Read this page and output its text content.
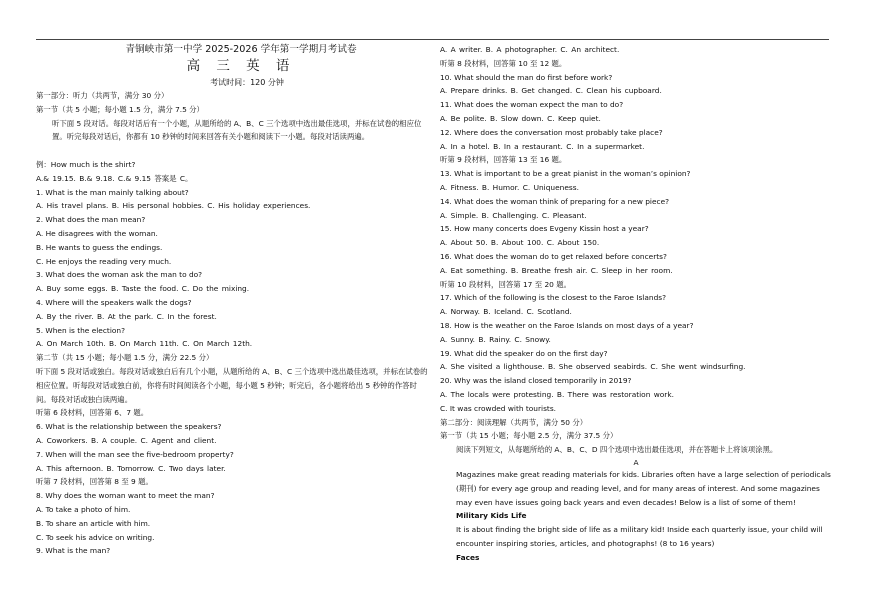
青铜峡市第一中学 2025-2026 学年第一学期月考试卷
高 三 英 语
考试时间：120 分钟
第一部分：听力（共两节，满分 30 分）
第一节（共 5 小题；每小题 1.5 分，满分 7.5 分）
听下面 5 段对话。每段对话后有一个小题，从题所给的 A、B、C 三个选项中选出最佳选项，并标在试卷的相应位置。听完每段对话后，你都有 10 秒钟的时间来回答有关小题和阅读下一小题。每段对话读两遍。
例：How much is the shirt?
A.& 19.15. B.& 9.18. C.& 9.15 答案是 C。
1. What is the man mainly talking about?
A. His travel plans. B. His personal hobbies. C. His holiday experiences.
2. What does the man mean?
A. He disagrees with the woman.
B. He wants to guess the endings.
C. He enjoys the reading very much.
3. What does the woman ask the man to do?
A. Buy some eggs. B. Taste the food. C. Do the mixing.
4. Where will the speakers walk the dogs?
A. By the river. B. At the park. C. In the forest.
5. When is the election?
A. On March 10th. B. On March 11th. C. On March 12th.
第二节（共 15 小题；每小题 1.5 分，满分 22.5 分）
听下面 5 段对话或独白。每段对话或独白后有几个小题，从题所给的 A、B、C 三个选项中选出最佳选项，并标在试卷的相应位置。听每段对话或独白前，你将有时间阅读各个小题，每小题 5 秒钟；听完后，各小题将给出 5 秒钟的作答时间。每段对话或独白读两遍。
听第 6 段材料，回答第 6、7 题。
6. What is the relationship between the speakers?
A. Coworkers. B. A couple. C. Agent and client.
7. When will the man see the five-bedroom property?
A. This afternoon. B. Tomorrow. C. Two days later.
听第 7 段材料，回答第 8 至 9 题。
8. Why does the woman want to meet the man?
A. To take a photo of him.
B. To share an article with him.
C. To seek his advice on writing.
9. What is the man?
A. A writer. B. A photographer. C. An architect.
听第 8 段材料，回答第 10 至 12 题。
10. What should the man do first before work?
A. Prepare drinks. B. Get changed. C. Clean his cupboard.
11. What does the woman expect the man to do?
A. Be polite. B. Slow down. C. Keep quiet.
12. Where does the conversation most probably take place?
A. In a hotel. B. In a restaurant. C. In a supermarket.
听第 9 段材料，回答第 13 至 16 题。
13. What is important to be a great pianist in the woman’s opinion?
A. Fitness. B. Humor. C. Uniqueness.
14. What does the woman think of preparing for a new piece?
A. Simple. B. Challenging. C. Pleasant.
15. How many concerts does Evgeny Kissin host a year?
A. About 50. B. About 100. C. About 150.
16. What does the woman do to get relaxed before concerts?
A. Eat something. B. Breathe fresh air. C. Sleep in her room.
听第 10 段材料，回答第 17 至 20 题。
17. Which of the following is the closest to the Faroe Islands?
A. Norway. B. Iceland. C. Scotland.
18. How is the weather on the Faroe Islands on most days of a year?
A. Sunny. B. Rainy. C. Snowy.
19. What did the speaker do on the first day?
A. She visited a lighthouse. B. She observed seabirds. C. She went windsurfing.
20. Why was the island closed temporarily in 2019?
A. The locals were protesting. B. There was restoration work.
C. It was crowded with tourists.
第二部分：阅读理解（共两节，满分 50 分）
第一节（共 15 小题；每小题 2.5 分，满分 37.5 分）
阅读下列短文，从每题所给的 A、B、C、D 四个选项中选出最佳选项，并在答题卡上将该项涂黑。
A
Magazines make great reading materials for kids. Libraries often have a large selection of periodicals (期刊) for every age group and reading level, and for many areas of interest. And some magazines may even have issues going back years and even decades! Below is a list of some of them!
Military Kids Life
It is about finding the bright side of life as a military kid! Inside each quarterly issue, your child will encounter inspiring stories, articles, and photographs! (8 to 16 years)
Faces
